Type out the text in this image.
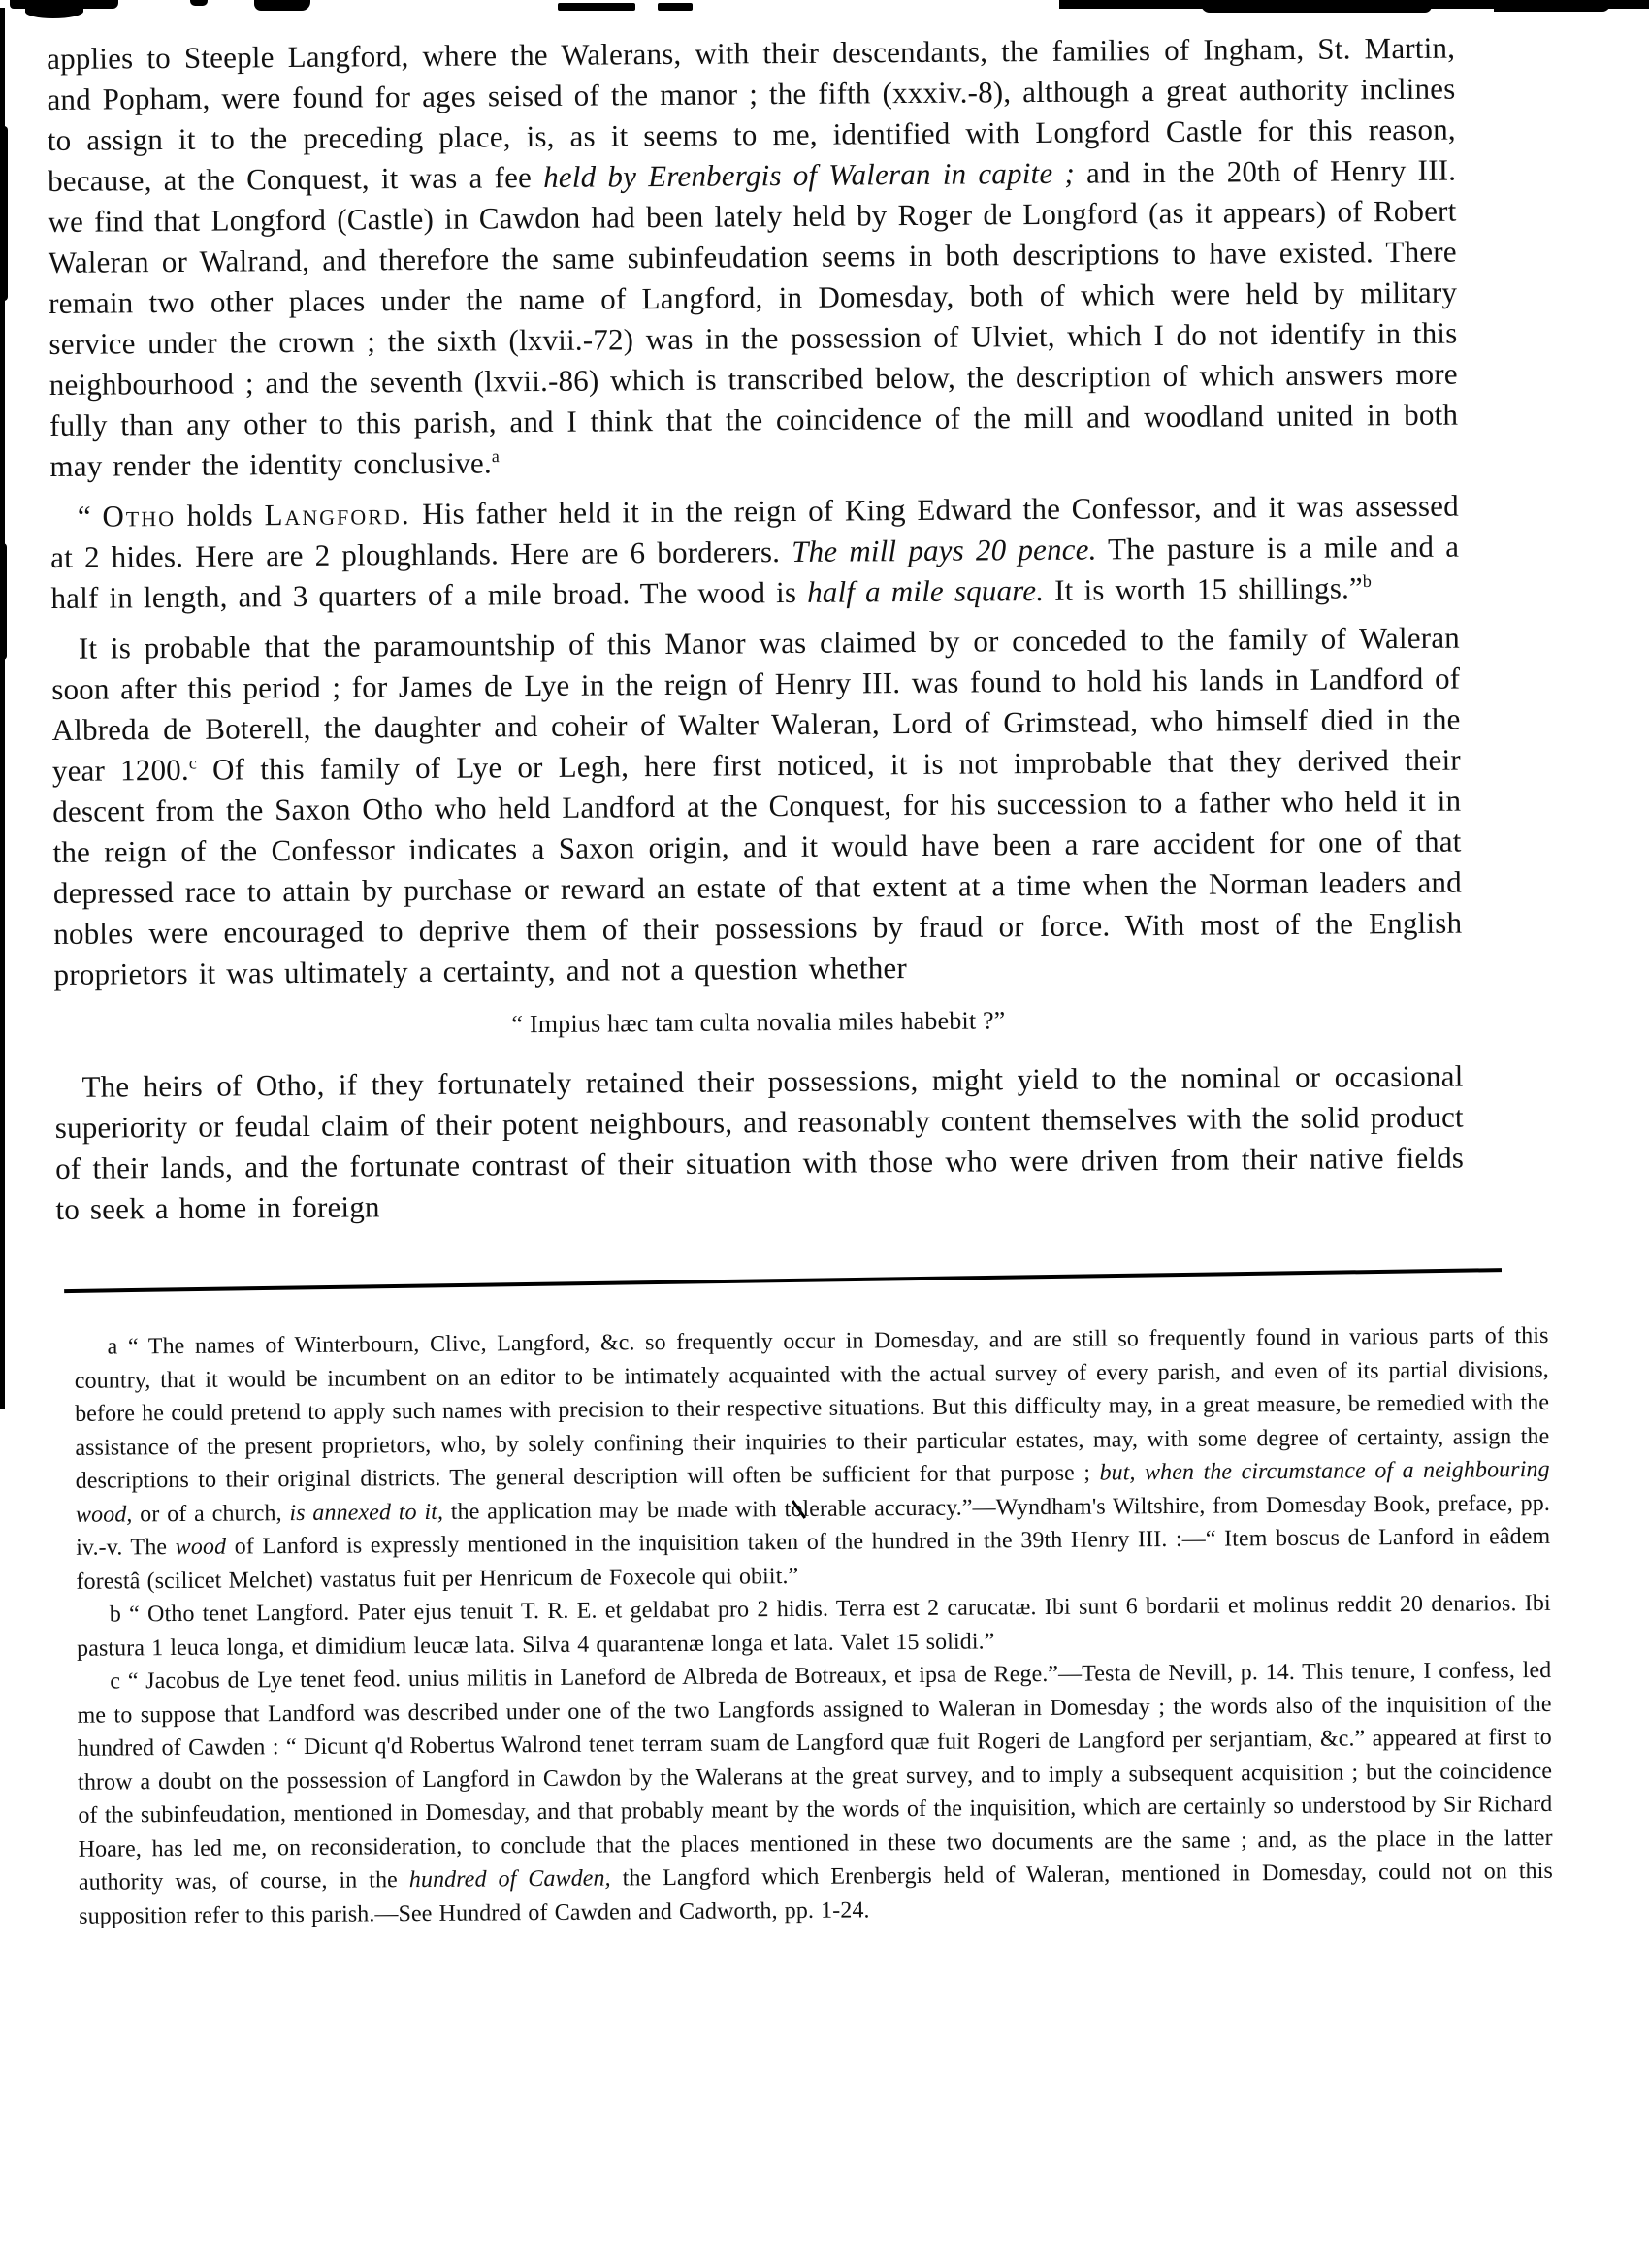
applies to Steeple Langford, where the Walerans, with their descendants, the families of Ingham, St. Martin, and Popham, were found for ages seised of the manor ; the fifth (xxxiv.-8), although a great authority inclines to assign it to the preceding place, is, as it seems to me, identified with Longford Castle for this reason, because, at the Conquest, it was a fee held by Erenbergis of Waleran in capite ; and in the 20th of Henry III. we find that Longford (Castle) in Cawdon had been lately held by Roger de Longford (as it appears) of Robert Waleran or Walrand, and therefore the same subinfeudation seems in both descriptions to have existed. There remain two other places under the name of Langford, in Domesday, both of which were held by military service under the crown ; the sixth (lxvii.-72) was in the possession of Ulviet, which I do not identify in this neighbourhood ; and the seventh (lxvii.-86) which is transcribed below, the description of which answers more fully than any other to this parish, and I think that the coincidence of the mill and woodland united in both may render the identity conclusive.$^a$

“ Otho holds Langford. His father held it in the reign of King Edward the Confessor, and it was assessed at 2 hides. Here are 2 ploughlands. Here are 6 borderers. The mill pays 20 pence. The pasture is a mile and a half in length, and 3 quarters of a mile broad. The wood is half a mile square. It is worth 15 shillings.”$^b$

It is probable that the paramountship of this Manor was claimed by or conceded to the family of Waleran soon after this period ; for James de Lye in the reign of Henry III. was found to hold his lands in Landford of Albreda de Boterell, the daughter and coheir of Walter Waleran, Lord of Grimstead, who himself died in the year 1200.$^c$ Of this family of Lye or Legh, here first noticed, it is not improbable that they derived their descent from the Saxon Otho who held Landford at the Conquest, for his succession to a father who held it in the reign of the Confessor indicates a Saxon origin, and it would have been a rare accident for one of that depressed race to attain by purchase or reward an estate of that extent at a time when the Norman leaders and nobles were encouraged to deprive them of their possessions by fraud or force. With most of the English proprietors it was ultimately a certainty, and not a question whether

“ Impius hæc tam culta novalia miles habebit ?”

The heirs of Otho, if they fortunately retained their possessions, might yield to the nominal or occasional superiority or feudal claim of their potent neighbours, and reasonably content themselves with the solid product of their lands, and the fortunate contrast of their situation with those who were driven from their native fields to seek a home in foreign

a “ The names of Winterbourn, Clive, Langford, &c. so frequently occur in Domesday, and are still so frequently found in various parts of this country, that it would be incumbent on an editor to be intimately acquainted with the actual survey of every parish, and even of its partial divisions, before he could pretend to apply such names with precision to their respective situations. But this difficulty may, in a great measure, be remedied with the assistance of the present proprietors, who, by solely confining their inquiries to their particular estates, may, with some degree of certainty, assign the descriptions to their original districts. The general description will often be sufficient for that purpose ; but, when the circumstance of a neighbouring wood, or of a church, is annexed to it, the application may be made with tolerable accuracy.”—Wyndham's Wiltshire, from Domesday Book, preface, pp. iv.-v. The wood of Lanford is expressly mentioned in the inquisition taken of the hundred in the 39th Henry III. :—“ Item boscus de Lanford in eâdem forestâ (scilicet Melchet) vastatus fuit per Henricum de Foxecole qui obiit.”

b “ Otho tenet Langford. Pater ejus tenuit T. R. E. et geldabat pro 2 hidis. Terra est 2 carucatæ. Ibi sunt 6 bordarii et molinus reddit 20 denarios. Ibi pastura 1 leuca longa, et dimidium leucæ lata. Silva 4 quarantenæ longa et lata. Valet 15 solidi.”

c “ Jacobus de Lye tenet feod. unius militis in Laneford de Albreda de Botreaux, et ipsa de Rege.”—Testa de Nevill, p. 14. This tenure, I confess, led me to suppose that Landford was described under one of the two Langfords assigned to Waleran in Domesday ; the words also of the inquisition of the hundred of Cawden : “ Dicunt q'd Robertus Walrond tenet terram suam de Langford quæ fuit Rogeri de Langford per serjantiam, &c.” appeared at first to throw a doubt on the possession of Langford in Cawdon by the Walerans at the great survey, and to imply a subsequent acquisition ; but the coincidence of the subinfeudation, mentioned in Domesday, and that probably meant by the words of the inquisition, which are certainly so understood by Sir Richard Hoare, has led me, on reconsideration, to conclude that the places mentioned in these two documents are the same ; and, as the place in the latter authority was, of course, in the hundred of Cawden, the Langford which Erenbergis held of Waleran, mentioned in Domesday, could not on this supposition refer to this parish.—See Hundred of Cawden and Cadworth, pp. 1-24.
